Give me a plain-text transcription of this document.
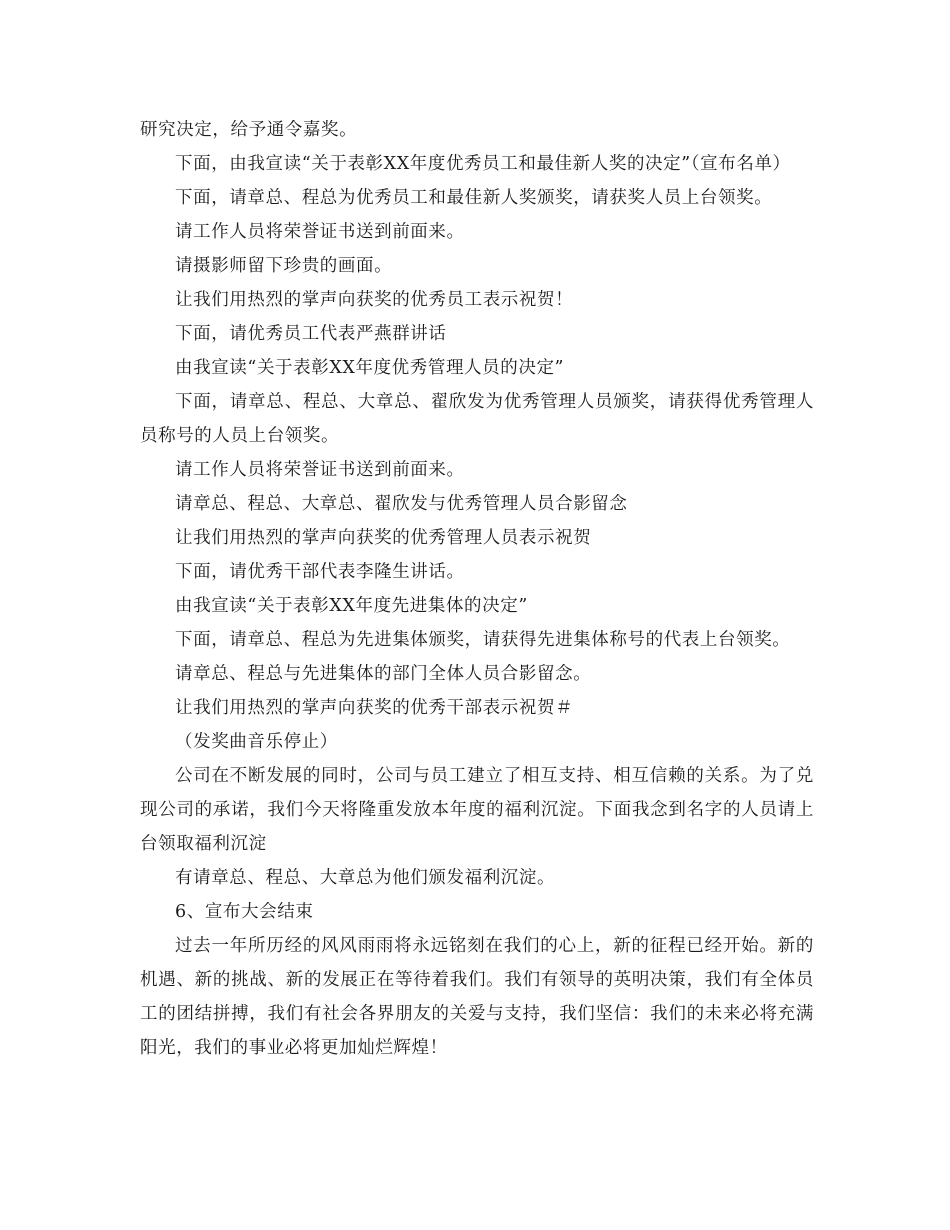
研究决定，给予通令嘉奖。

下面，由我宣读“关于表彰XX年度优秀员工和最佳新人奖的决定”（宣布名单）

下面，请章总、程总为优秀员工和最佳新人奖颁奖，请获奖人员上台领奖。

请工作人员将荣誉证书送到前面来。

请摄影师留下珍贵的画面。

让我们用热烈的掌声向获奖的优秀员工表示祝贺！

下面，请优秀员工代表严燕群讲话

由我宣读“关于表彰XX年度优秀管理人员的决定”

下面，请章总、程总、大章总、翟欣发为优秀管理人员颁奖，请获得优秀管理人员称号的人员上台领奖。

请工作人员将荣誉证书送到前面来。

请章总、程总、大章总、翟欣发与优秀管理人员合影留念

让我们用热烈的掌声向获奖的优秀管理人员表示祝贺

下面，请优秀干部代表李隆生讲话。

由我宣读“关于表彰XX年度先进集体的决定”

下面，请章总、程总为先进集体颁奖，请获得先进集体称号的代表上台领奖。

请章总、程总与先进集体的部门全体人员合影留念。

让我们用热烈的掌声向获奖的优秀干部表示祝贺＃

（发奖曲音乐停止）

公司在不断发展的同时，公司与员工建立了相互支持、相互信赖的关系。为了兑现公司的承诺，我们今天将隆重发放本年度的福利沉淀。下面我念到名字的人员请上台领取福利沉淀

有请章总、程总、大章总为他们颁发福利沉淀。

6、宣布大会结束

过去一年所历经的风风雨雨将永远铭刻在我们的心上，新的征程已经开始。新的机遇、新的挑战、新的发展正在等待着我们。我们有领导的英明决策，我们有全体员工的团结拼搏，我们有社会各界朋友的关爱与支持，我们坚信：我们的未来必将充满阳光，我们的事业必将更加灿烂辉煌！
